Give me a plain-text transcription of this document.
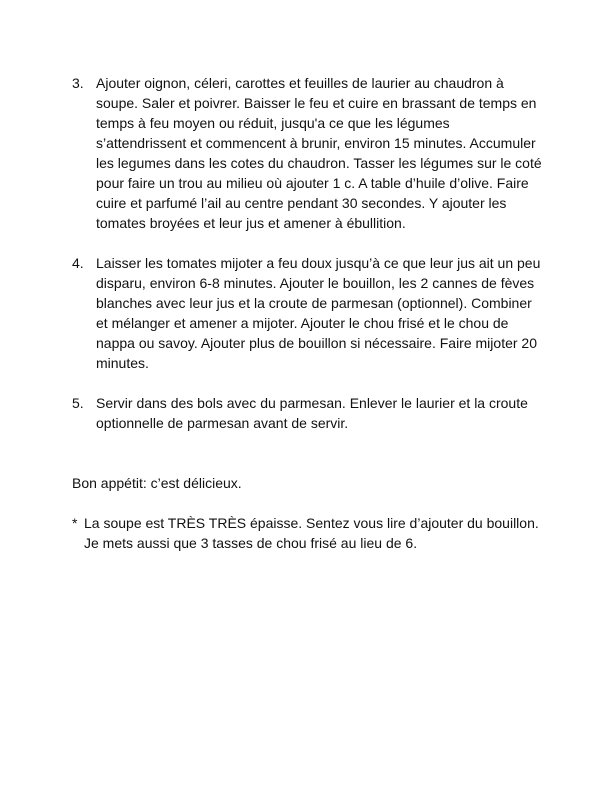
3. Ajouter oignon, céleri, carottes et feuilles de laurier au chaudron à soupe. Saler et poivrer. Baisser le feu et cuire en brassant de temps en temps à feu moyen ou réduit, jusqu'a ce que les légumes s’attendrissent et commencent à brunir, environ 15 minutes. Accumuler les legumes dans les cotes du chaudron. Tasser les légumes sur le coté pour faire un trou au milieu où ajouter 1 c. A table d’huile d’olive. Faire cuire et parfumé l’ail au centre pendant 30 secondes. Y ajouter les tomates broyées et leur jus et amener à ébullition.
4. Laisser les tomates mijoter a feu doux jusqu’à ce que leur jus ait un peu disparu, environ 6-8 minutes. Ajouter le bouillon, les 2 cannes de fèves blanches avec leur jus et la croute de parmesan (optionnel). Combiner et mélanger et amener a mijoter. Ajouter le chou frisé et le chou de nappa ou savoy. Ajouter plus de bouillon si nécessaire. Faire mijoter 20 minutes.
5. Servir dans des bols avec du parmesan. Enlever le laurier et la croute optionnelle de parmesan avant de servir.

Bon appétit: c’est délicieux.

* La soupe est TRÈS TRÈS épaisse. Sentez vous lire d’ajouter du bouillon. Je mets aussi que 3 tasses de chou frisé au lieu de 6.
